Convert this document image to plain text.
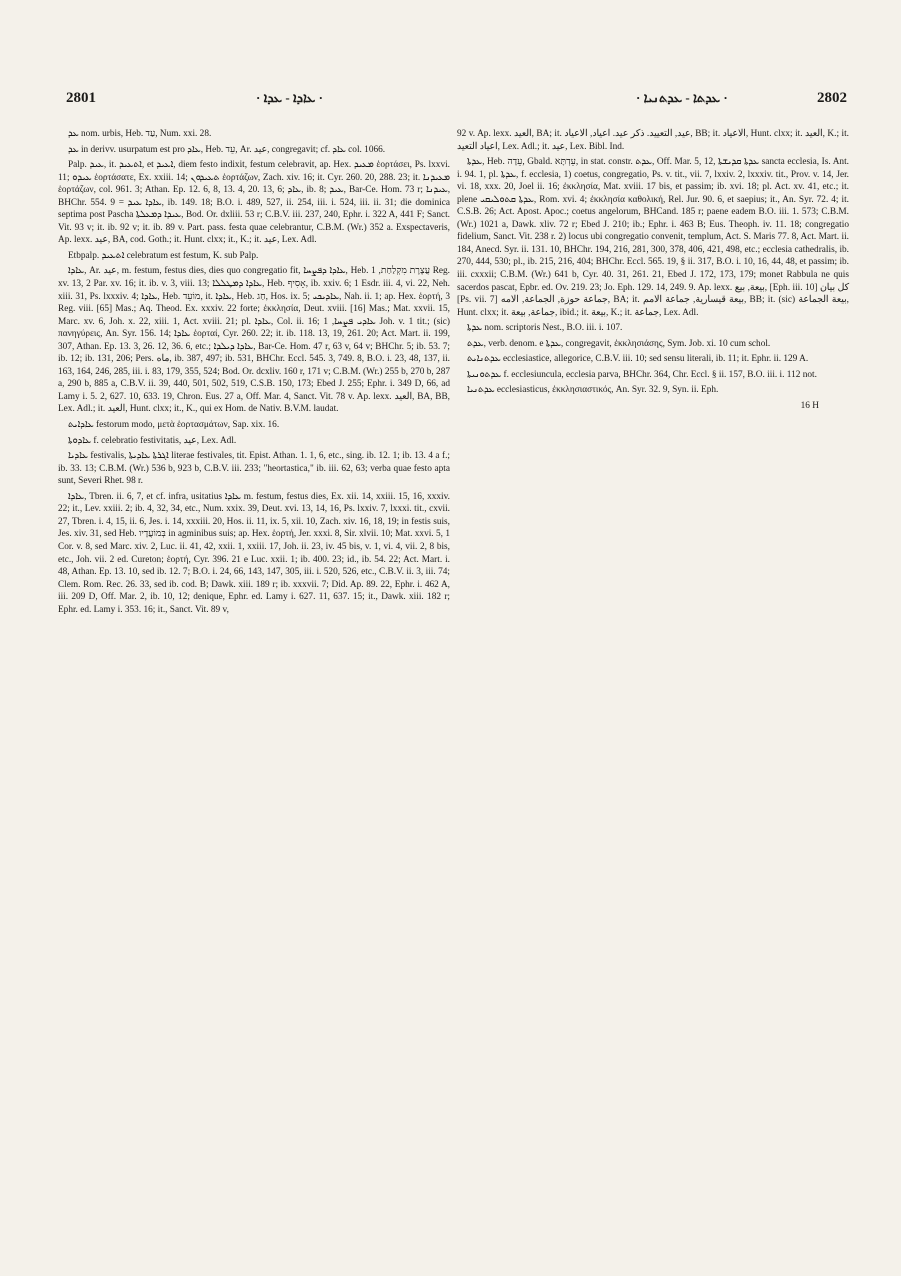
2801	· ܥܐܕܐ - ܥܕܐ ·	· ܥܕܬܐ - ܥܕܬܢܝܐ ·	2802

ܥܕ nom. urbis, Heb. עַד, Num. xxi. 28.

ܥܕ in derivv. usurpatum est pro ܥܐܕ, Heb. עֵד, Ar. عيد, congregavit; cf. ܥܐܕ col. 1066.

Palp. ܥܝܕ, it. ܐܬܥܝܕ, et ܐܥܝܕ, diem festo indixit, festum celebravit, ap. Hex. ܡܥܝܕ ἑορτάσει, Ps. lxxvi. 11; ܥܝܕܘ ἑορτάσατε, Ex. xxiii. 14; ܬܥܝܕܘܢ ἑορτάζων, Zach. xiv. 16; it. Cyr. 260. 20, 288. 23; it. ܡܥܝܕܢܐ ἑορτάζων, col. 961. 3; Athan. Ep. 12. 6, 8, 13. 4, 20. 13, 6; ܥܐܕ, ib. 8; ܥܝܕ, Bar-Ce. Hom. 73 r; ܥܝܕܢܐ, BHChr. 554. 9 = ܥܐܕܐ ܥܝܕ, ib. 149. 18; B.O. i. 489, 527, ii. 254, iii. i. 524, iii. ii. 31; die dominica septima post Pascha ܥܝܕܐ ܕܡܥܠܬܐ, Bod. Or. dxliii. 53 r; C.B.V. iii. 237, 240, Ephr. i. 322 A, 441 F; Sanct. Vit. 93 v; it. ib. 92 v; it. ib. 89 v. Part. pass. festa quae celebrantur, C.B.M. (Wr.) 352 a. Exspectaveris, Ap. lexx. عيد, BA, cod. Goth.; it. Hunt. clxx; it., K.; it. عيد, Lex. Adl.

Etbpalp. ܐܬܥܝܕ celebratum est festum, K. sub Palp.

ܥܐܕܐ, Ar. عيد, m. festum, festus dies, dies quo congregatio fit, ܥܐܕܐ ܕܦܨܚܐ, Heb. עֲצֶרֶת מִקְלַחַת, 1 Reg. xv. 13, 2 Par. xv. 16; it. ib. v. 3, viii. 13; ܥܐܕܐ ܕܡܛܠܠܐ, Heb. אָסִיף, ib. xxiv. 6; 1 Esdr. iii. 4, vi. 22, Neh. xiii. 31, Ps. lxxxiv. 4; ܥܐܕܐ, Heb. מוֹעֵד, it. ܥܐܕܐ, Heb. חַג, Hos. ix. 5; ܥܐܕܝܟܝ, Nah. ii. 1; ap. Hex. ἑορτή, 3 Reg. viii. [65] Mas.; Aq. Theod. Ex. xxxiv. 22 forte; ἐκκλησία, Deut. xviii. [16] Mas.; Mat. xxvii. 15, Marc. xv. 6, Joh. x. 22, xiii. 1, Act. xviii. 21; pl. ܥܐܕܐ, Col. ii. 16; ܥܐܕܝ ܦܨܚܐ, 1 Joh. v. 1 tit.; (sic) πανηγύρεις, An. Syr. 156. 14; ܥܐܕܐ ἑορταί, Cyr. 260. 22; it. ib. 118. 13, 19, 261. 20; Act. Mart. ii. 199, 307, Athan. Ep. 13. 3, 26. 12, 36. 6, etc.; ܥܐܕܐ ܕܝܠܕܐ, Bar-Ce. Hom. 47 r, 63 v, 64 v; BHChr. 5; ib. 53. 7; ib. 12; ib. 131, 206; Pers. ماه, ib. 387, 497; ib. 531, BHChr. Eccl. 545. 3, 749. 8, B.O. i. 23, 48, 137, ii. 163, 164, 246, 285, iii. i. 83, 179, 355, 524; Bod. Or. dcxliv. 160 r, 171 v; C.B.M. (Wr.) 255 b, 270 b, 287 a, 290 b, 885 a, C.B.V. ii. 39, 440, 501, 502, 519, C.S.B. 150, 173; Ebed J. 255; Ephr. i. 349 D, 66, ad Lamy i. 5. 2, 627. 10, 633. 19, Chron. Eus. 27 a, Off. Mar. 4, Sanct. Vit. 78 v. Ap. lexx. العيد, BA, BB, Lex. Adl.; it. العيد, Hunt. clxx; it., K., qui ex Hom. de Nativ. B.V.M. laudat.

ܥܐܕܐܝܬ festorum modo, μετὰ ἑορτασμάτων, Sap. xix. 16.

ܥܐܕܘܬܐ f. celebratio festivitatis, عيد, Lex. Adl.

ܥܐܕܝܐ festivalis, ܐܓܪܬܐ ܥܐܕܝܬܐ literae festivales, tit. Epist. Athan. 1. 1, 6, etc., sing. ib. 12. 1; ib. 13. 4 a f.; ib. 33. 13; C.B.M. (Wr.) 536 b, 923 b, C.B.V. iii. 233; "heortastica," ib. iii. 62, 63; verba quae festo apta sunt, Severi Rhet. 98 r.

ܥܐܕܐ, Tbren. ii. 6, 7, et cf. infra, usitatius ܥܐܕܐ m. festum, festus dies, Ex. xii. 14, xxiii. 15, 16, xxxiv. 22; it., Lev. xxiii. 2; ib. 4, 32, 34, etc., Num. xxix. 39, Deut. xvi. 13, 14, 16, Ps. lxxiv. 7, lxxxi. tit., cxvii. 27, Tbren. i. 4, 15, ii. 6, Jes. i. 14, xxxiii. 20, Hos. ii. 11, ix. 5, xii. 10, Zach. xiv. 16, 18, 19; in festis suis, Jes. xiv. 31, sed Heb. בְּמוֹעֲדָיו in agminibus suis; ap. Hex. ἑορτή, Jer. xxxi. 8, Sir. xlvii. 10; Mat. xxvi. 5, 1 Cor. v. 8, sed Marc. xiv. 2, Luc. ii. 41, 42, xxii. 1, xxiii. 17, Joh. ii. 23, iv. 45 bis, v. 1, vi. 4, vii. 2, 8 bis, etc., Joh. vii. 2 ed. Cureton; ἑορτή, Cyr. 396. 21 e Luc. xxii. 1; ib. 400. 23; id., ib. 54. 22; Act. Mart. i. 48, Athan. Ep. 13. 10, sed ib. 12. 7; B.O. i. 24, 66, 143, 147, 305, iii. i. 520, 526, etc., C.B.V. ii. 3, iii. 74; Clem. Rom. Rec. 26. 33, sed ib. cod. B; Dawk. xiii. 189 r; ib. xxxvii. 7; Did. Ap. 89. 22, Ephr. i. 462 A, iii. 209 D, Off. Mar. 2, ib. 10, 12; denique, Ephr. ed. Lamy i. 627. 11, 637. 15; it., Dawk. xiii. 182 r; Ephr. ed. Lamy i. 353. 16; it., Sanct. Vit. 89 v,

92 v. Ap. lexx. العيد, BA; it. عيد, التعييد. ذكر عيد. اعياد, الاعياد, BB; it. الاعياد, Hunt. clxx; it. العيد, K.; it. اعياد التعيد, Lex. Adl.; it. عيد, Lex. Bibl. Ind.

ܥܕܬܐ, Heb. עֵדָה, Gbald. עֵדְתָּא, in stat. constr. ܥܕܬ, Off. Mar. 5, 12, ܥܕܬܐ ܩܕܝܫܬܐ sancta ecclesia, Is. Ant. i. 94. 1, pl. ܥܕܬܐ, f. ecclesia, 1) coetus, congregatio, Ps. v. tit., vii. 7, lxxiv. 2, lxxxiv. tit., Prov. v. 14, Jer. vi. 18, xxx. 20, Joel ii. 16; ἐκκλησία, Mat. xviii. 17 bis, et passim; ib. xvi. 18; pl. Act. xv. 41, etc.; it. plene ܥܕܬܐ ܩܬܘܠܝܩܝ, Rom. xvi. 4; ἐκκλησία καθολική, Rel. Jur. 90. 6, et saepius; it., An. Syr. 72. 4; it. C.S.B. 26; Act. Apost. Apoc.; coetus angelorum, BHCand. 185 r; paene eadem B.O. iii. 1. 573; C.B.M. (Wr.) 1021 a, Dawk. xliv. 72 r; Ebed J. 210; ib.; Ephr. i. 463 B; Eus. Theoph. iv. 11. 18; congregatio fidelium, Sanct. Vit. 238 r. 2) locus ubi congregatio convenit, templum, Act. S. Maris 77. 8, Act. Mart. ii. 184, Anecd. Syr. ii. 131. 10, BHChr. 194, 216, 281, 300, 378, 406, 421, 498, etc.; ecclesia cathedralis, ib. 270, 444, 530; pl., ib. 215, 216, 404; BHChr. Eccl. 565. 19, § ii. 317, B.O. i. 10, 16, 44, 48, et passim; ib. iii. cxxxii; C.B.M. (Wr.) 641 b, Cyr. 40. 31, 261. 21, Ebed J. 172, 173, 179; monet Rabbula ne quis sacerdos pascat, Epbr. ed. Ov. 219. 23; Jo. Eph. 129. 14, 249. 9. Ap. lexx. بيعة, بيع, [Eph. iii. 10] كل بيان [Ps. vii. 7] جماعة حوزة, الجماعة, الامه, BA; it. بيعة قيسارية, جماعة الامم, BB; it. (sic) بيعة الجماعة, Hunt. clxx; it. جماعة, بيعة, ibid.; it. بيعة, K.; it. جماعة, Lex. Adl.

ܥܕܬܐ nom. scriptoris Nest., B.O. iii. i. 107.

ܥܕܬ, verb. denom. e ܥܕܬܐ, congregavit, ἐκκλησιάσης, Sym. Job. xi. 10 cum schol.

ܥܕܬܢܐܝܬ ecclesiastice, allegorice, C.B.V. iii. 10; sed sensu literali, ib. 11; it. Ephr. ii. 129 A.

ܥܕܬܘܢܝܬܐ f. ecclesiuncula, ecclesia parva, BHChr. 364, Chr. Eccl. § ii. 157, B.O. iii. i. 112 not.

ܥܕܬܢܝܐ ecclesiasticus, ἐκκλησιαστικός, An. Syr. 32. 9, Syn. ii. Eph.

16 H
